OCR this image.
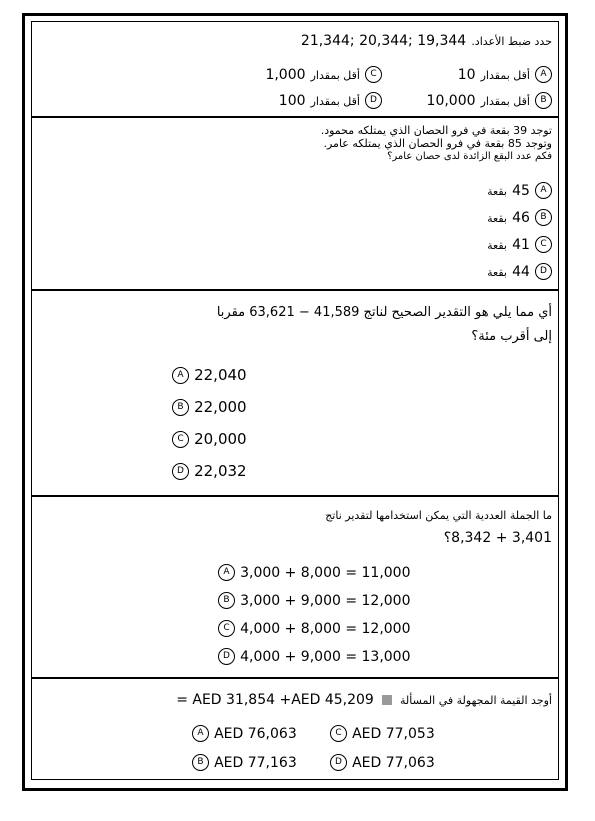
حدد ضبط الأعداد. 21,344; 20,344; 19,344
A أقل بمقدار 10
B أقل بمقدار 10,000
C أقل بمقدار 1,000
D أقل بمقدار 100
توجد 39 بقعة في فرو الحصان الذي يمتلكه محمود.
وتوجد 85 بقعة في فرو الحصان الذي يمتلكه عامر.
فكم عدد البقع الزائدة لدى حصان عامر؟
A 45 بقعة
B 46 بقعة
C 41 بقعة
D 44 بقعة
أي مما يلي هو التقدير الصحيح لناتج 41,589 − 63,621 مقربا
إلى أقرب مئة؟
A 22,040
B 22,000
C 20,000
D 22,032
ما الجملة العددية التي يمكن استخدامها لتقدير ناتج
3,401 + 8,342؟
A 3,000 + 8,000 = 11,000
B 3,000 + 9,000 = 12,000
C 4,000 + 8,000 = 12,000
D 4,000 + 9,000 = 13,000
أوجد القيمة المجهولة في المسألة  = AED 31,854 +AED 45,209
A AED 76,063
B AED 77,163
C AED 77,053
D AED 77,063
